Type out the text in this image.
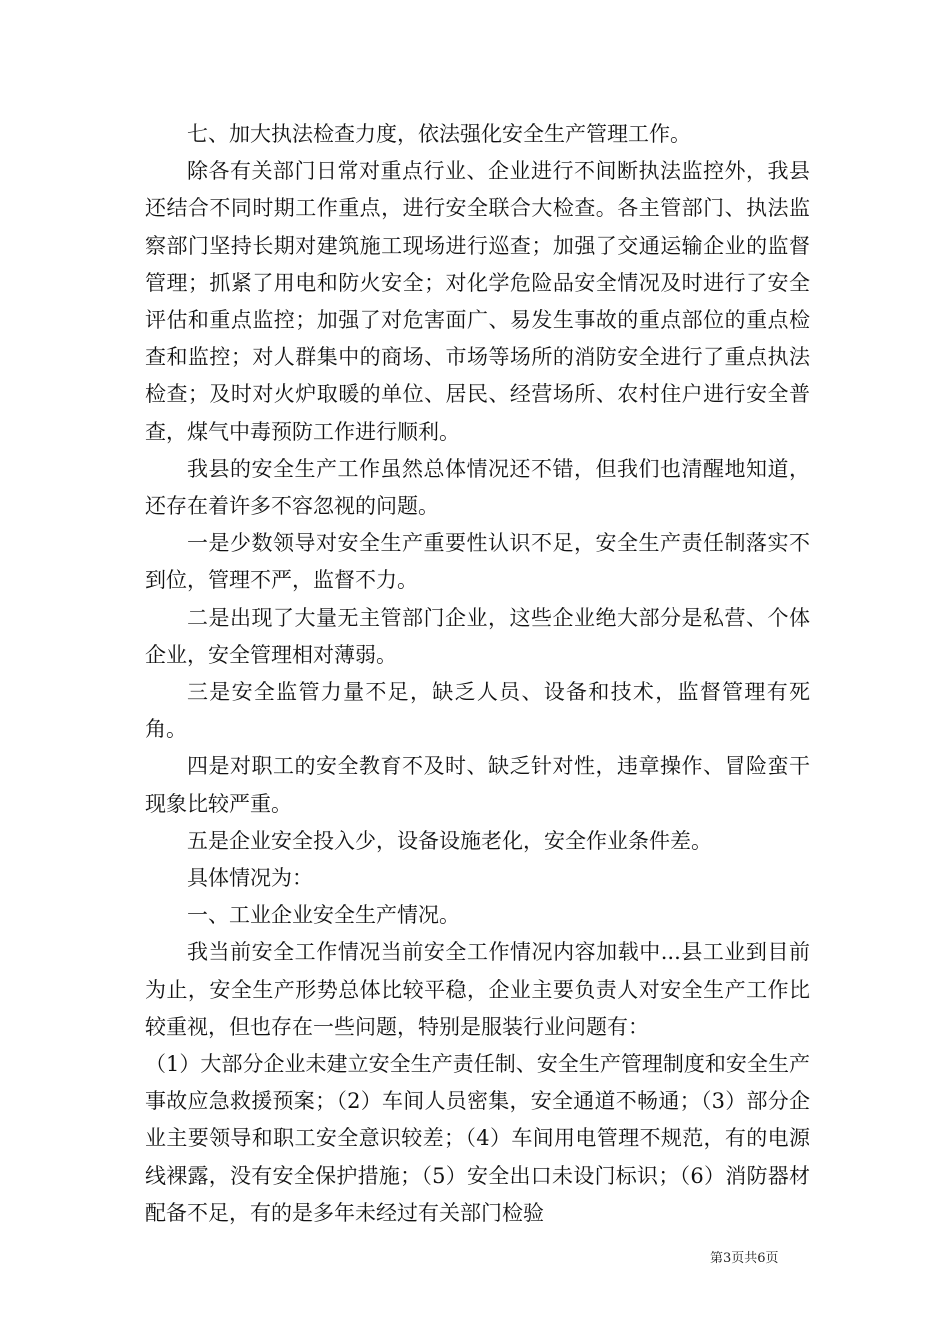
七、加大执法检查力度，依法强化安全生产管理工作。

除各有关部门日常对重点行业、企业进行不间断执法监控外，我县还结合不同时期工作重点，进行安全联合大检查。各主管部门、执法监察部门坚持长期对建筑施工现场进行巡查；加强了交通运输企业的监督管理；抓紧了用电和防火安全；对化学危险品安全情况及时进行了安全评估和重点监控；加强了对危害面广、易发生事故的重点部位的重点检查和监控；对人群集中的商场、市场等场所的消防安全进行了重点执法检查；及时对火炉取暖的单位、居民、经营场所、农村住户进行安全普查，煤气中毒预防工作进行顺利。

我县的安全生产工作虽然总体情况还不错，但我们也清醒地知道，还存在着许多不容忽视的问题。

一是少数领导对安全生产重要性认识不足，安全生产责任制落实不到位，管理不严，监督不力。

二是出现了大量无主管部门企业，这些企业绝大部分是私营、个体企业，安全管理相对薄弱。

三是安全监管力量不足，缺乏人员、设备和技术，监督管理有死角。

四是对职工的安全教育不及时、缺乏针对性，违章操作、冒险蛮干现象比较严重。

五是企业安全投入少，设备设施老化，安全作业条件差。

具体情况为：

一、工业企业安全生产情况。

我当前安全工作情况当前安全工作情况内容加载中...县工业到目前为止，安全生产形势总体比较平稳，企业主要负责人对安全生产工作比较重视，但也存在一些问题，特别是服装行业问题有：

（1）大部分企业未建立安全生产责任制、安全生产管理制度和安全生产事故应急救援预案；（2）车间人员密集，安全通道不畅通；（3）部分企业主要领导和职工安全意识较差；（4）车间用电管理不规范，有的电源线裸露，没有安全保护措施；（5）安全出口未设门标识；（6）消防器材配备不足，有的是多年未经过有关部门检验

第3页共6页
